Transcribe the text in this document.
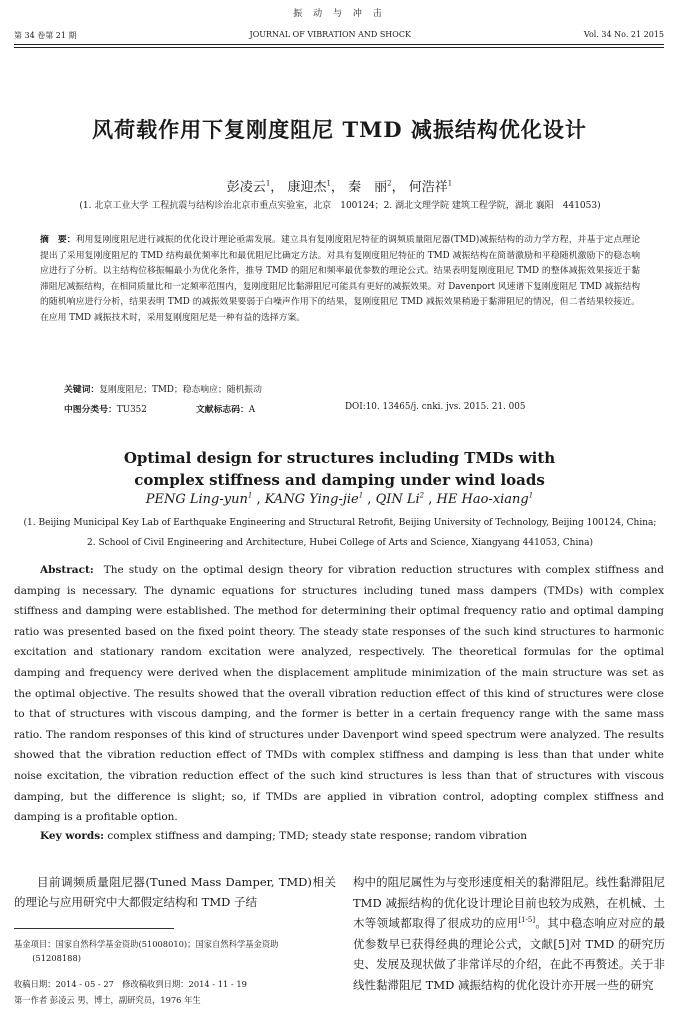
振 动 与 冲 击
第 34 卷第 21 期	JOURNAL OF VIBRATION AND SHOCK	Vol. 34 No. 21 2015
风荷载作用下复刚度阻尼 TMD 减振结构优化设计
彭凌云$^1$， 康迎杰$^1$， 秦　丽$^2$， 何浩祥$^1$
(1. 北京工业大学 工程抗震与结构诊治北京市重点实验室，北京　100124；2. 湖北文理学院 建筑工程学院，湖北 襄阳　441053)
摘　要：利用复刚度阻尼进行减振的优化设计理论亟需发展。建立具有复刚度阻尼特征的调频质量阻尼器(TMD)减振结构的动力学方程，并基于定点理论提出了采用复刚度阻尼的 TMD 结构最优频率比和最优阻尼比确定方法。对具有复刚度阻尼特征的 TMD 减振结构在简谐激励和平稳随机激励下的稳态响应进行了分析。以主结构位移振幅最小为优化条件，推导 TMD 的阻尼和频率最优参数的理论公式。结果表明复刚度阻尼 TMD 的整体减振效果接近于黏滞阻尼减振结构，在相同质量比和一定频率范围内，复刚度阻尼比黏滞阻尼可能具有更好的减振效果。对 Davenport 风速谱下复刚度阻尼 TMD 减振结构的随机响应进行分析，结果表明 TMD 的减振效果要弱于白噪声作用下的结果，复刚度阻尼 TMD 减振效果稍逊于黏滞阻尼的情况，但二者结果较接近。在应用 TMD 减振技术时，采用复刚度阻尼是一种有益的选择方案。
关键词：复刚度阻尼；TMD；稳态响应；随机振动
中图分类号：TU352	文献标志码：A	DOI:10. 13465/j. cnki. jvs. 2015. 21. 005
Optimal design for structures including TMDs with
complex stiffness and damping under wind loads
PENG Ling-yun$^1$ , KANG Ying-jie$^1$ , QIN Li$^2$ , HE Hao-xiang$^1$
(1. Beijing Municipal Key Lab of Earthquake Engineering and Structural Retrofit, Beijing University of Technology, Beijing 100124, China;
2. School of Civil Engineering and Architecture, Hubei College of Arts and Science, Xiangyang 441053, China)
Abstract: The study on the optimal design theory for vibration reduction structures with complex stiffness and damping is necessary. The dynamic equations for structures including tuned mass dampers (TMDs) with complex stiffness and damping were established. The method for determining their optimal frequency ratio and optimal damping ratio was presented based on the fixed point theory. The steady state responses of the such kind structures to harmonic excitation and stationary random excitation were analyzed, respectively. The theoretical formulas for the optimal damping and frequency were derived when the displacement amplitude minimization of the main structure was set as the optimal objective. The results showed that the overall vibration reduction effect of this kind of structures were close to that of structures with viscous damping, and the former is better in a certain frequency range with the same mass ratio. The random responses of this kind of structures under Davenport wind speed spectrum were analyzed. The results showed that the vibration reduction effect of TMDs with complex stiffness and damping is less than that under white noise excitation, the vibration reduction effect of the such kind structures is less than that of structures with viscous damping, but the difference is slight; so, if TMDs are applied in vibration control, adopting complex stiffness and damping is a profitable option.
Key words: complex stiffness and damping; TMD; steady state response; random vibration
目前调频质量阻尼器(Tuned Mass Damper, TMD)相关的理论与应用研究中大都假定结构和 TMD 子结
基金项目：国家自然科学基金资助(51008010)；国家自然科学基金资助
(51208188)
收稿日期：2014 - 05 - 27　修改稿收到日期：2014 - 11 - 19
第一作者 彭凌云 男，博士，副研究员，1976 年生
构中的阻尼属性为与变形速度相关的黏滞阻尼。线性黏滞阻尼 TMD 减振结构的优化设计理论目前也较为成熟，在机械、土木等领域都取得了很成功的应用[1-5]。其中稳态响应对应的最优参数早已获得经典的理论公式，文献[5]对 TMD 的研究历史、发展及现状做了非常详尽的介绍，在此不再赘述。关于非线性黏滞阻尼 TMD 减振结构的优化设计亦开展一些的研究
